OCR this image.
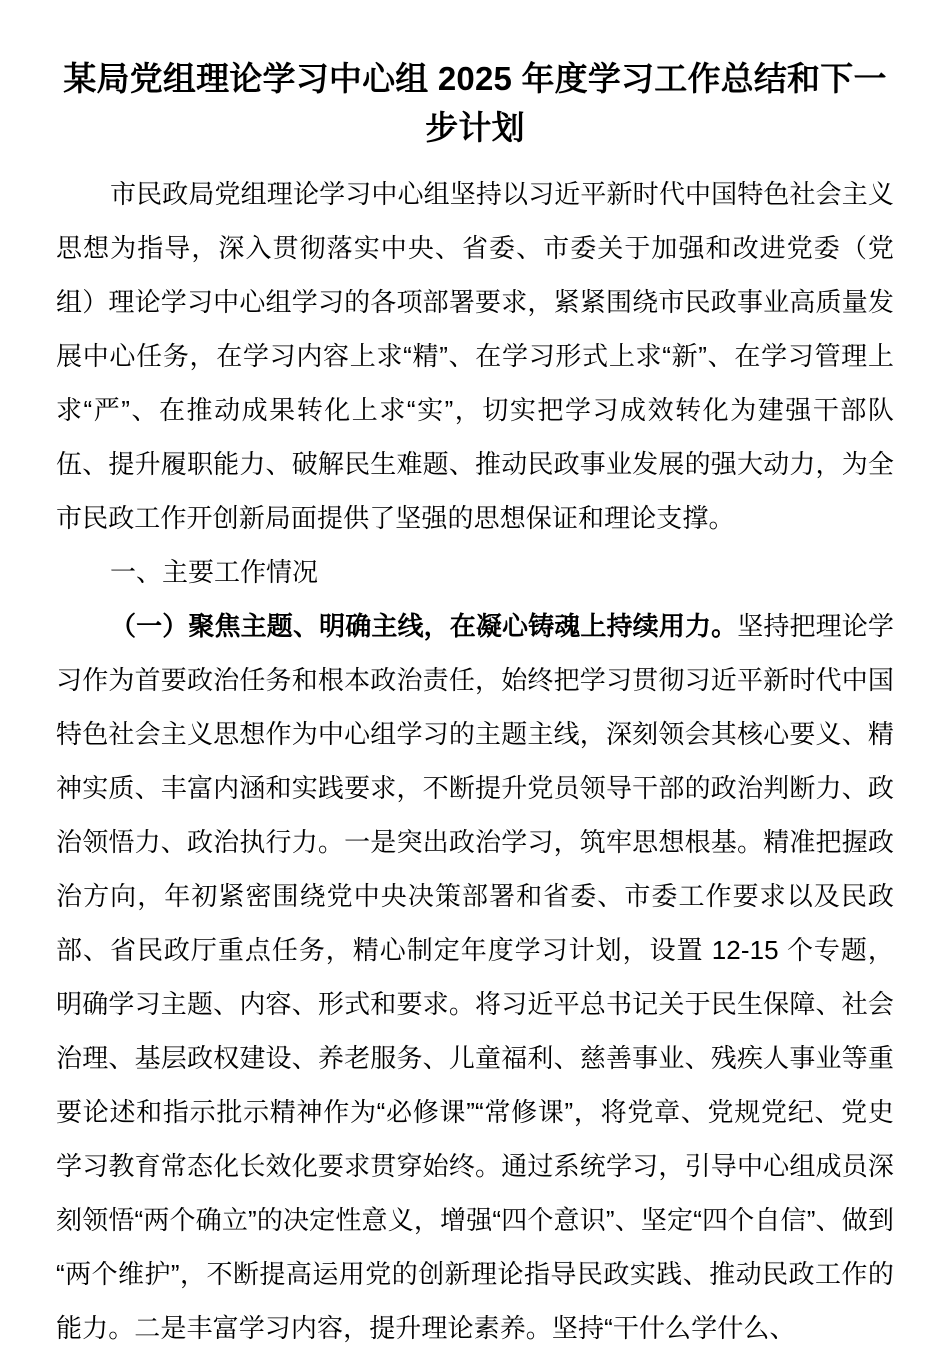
某局党组理论学习中心组 2025 年度学习工作总结和下一步计划

市民政局党组理论学习中心组坚持以习近平新时代中国特色社会主义思想为指导，深入贯彻落实中央、省委、市委关于加强和改进党委（党组）理论学习中心组学习的各项部署要求，紧紧围绕市民政事业高质量发展中心任务，在学习内容上求“精”、在学习形式上求“新”、在学习管理上求“严”、在推动成果转化上求“实”，切实把学习成效转化为建强干部队伍、提升履职能力、破解民生难题、推动民政事业发展的强大动力，为全市民政工作开创新局面提供了坚强的思想保证和理论支撑。

一、主要工作情况

（一）聚焦主题、明确主线，在凝心铸魂上持续用力。坚持把理论学习作为首要政治任务和根本政治责任，始终把学习贯彻习近平新时代中国特色社会主义思想作为中心组学习的主题主线，深刻领会其核心要义、精神实质、丰富内涵和实践要求，不断提升党员领导干部的政治判断力、政治领悟力、政治执行力。一是突出政治学习，筑牢思想根基。精准把握政治方向，年初紧密围绕党中央决策部署和省委、市委工作要求以及民政部、省民政厅重点任务，精心制定年度学习计划，设置 12-15 个专题，明确学习主题、内容、形式和要求。将习近平总书记关于民生保障、社会治理、基层政权建设、养老服务、儿童福利、慈善事业、残疾人事业等重要论述和指示批示精神作为“必修课”“常修课”，将党章、党规党纪、党史学习教育常态化长效化要求贯穿始终。通过系统学习，引导中心组成员深刻领悟“两个确立”的决定性意义，增强“四个意识”、坚定“四个自信”、做到“两个维护”，不断提高运用党的创新理论指导民政实践、推动民政工作的能力。二是丰富学习内容，提升理论素养。坚持“干什么学什么、
